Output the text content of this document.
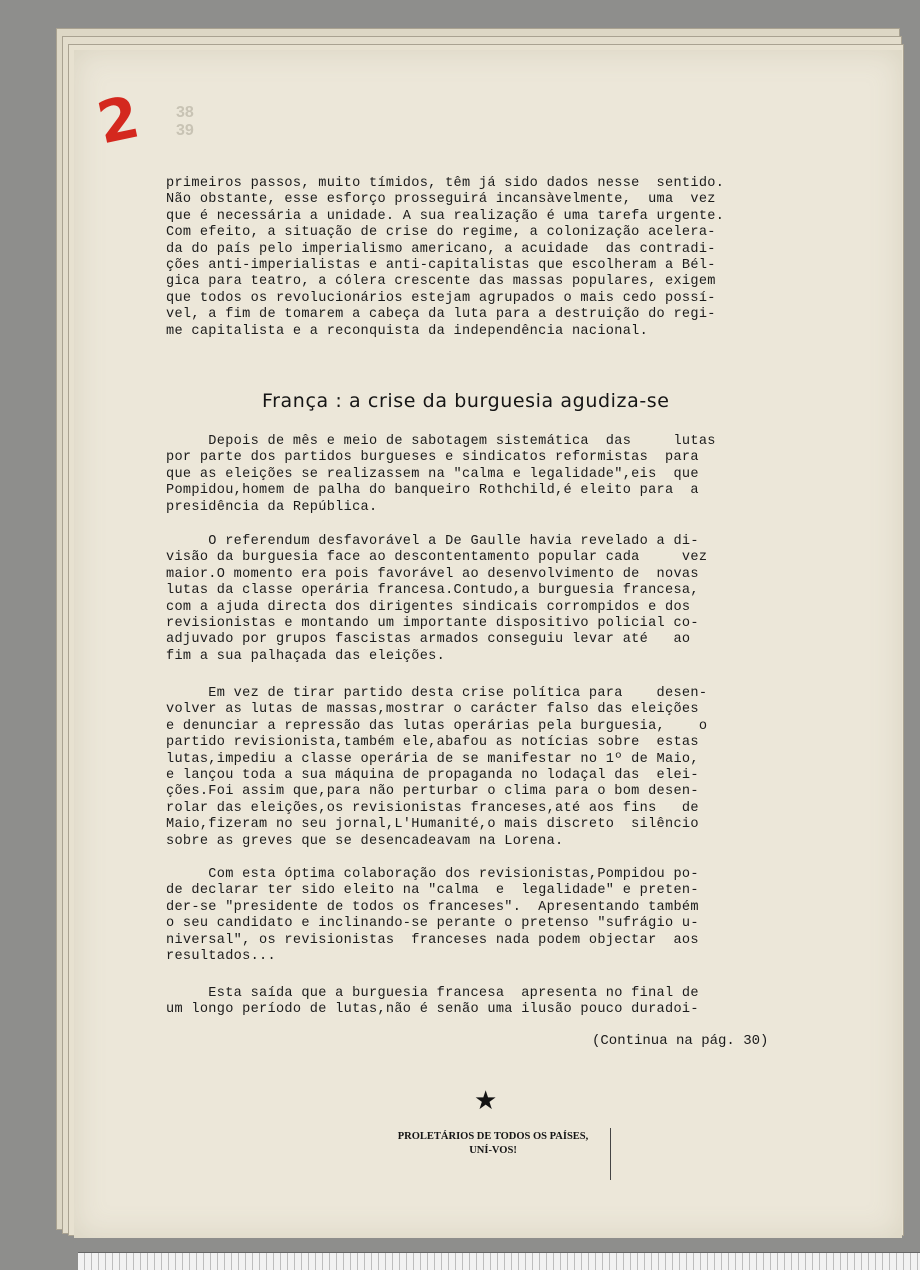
38
39
2
primeiros passos, muito tímidos, têm já sido dados nesse  sentido.
Não obstante, esse esforço prosseguirá incansàvelmente,  uma  vez
que é necessária a unidade. A sua realização é uma tarefa urgente.
Com efeito, a situação de crise do regime, a colonização acelera-
da do país pelo imperialismo americano, a acuidade  das contradi-
ções anti-imperialistas e anti-capitalistas que escolheram a Bél-
gica para teatro, a cólera crescente das massas populares, exigem
que todos os revolucionários estejam agrupados o mais cedo possí-
vel, a fim de tomarem a cabeça da luta para a destruição do regi-
me capitalista e a reconquista da independência nacional.
França : a crise da burguesia agudiza-se
Depois de mês e meio de sabotagem sistemática  das     lutas
por parte dos partidos burgueses e sindicatos reformistas  para
que as eleições se realizassem na "calma e legalidade",eis  que
Pompidou,homem de palha do banqueiro Rothchild,é eleito para  a
presidência da República.
O referendum desfavorável a De Gaulle havia revelado a di-
visão da burguesia face ao descontentamento popular cada     vez
maior.O momento era pois favorável ao desenvolvimento de  novas
lutas da classe operária francesa.Contudo,a burguesia francesa,
com a ajuda directa dos dirigentes sindicais corrompidos e dos
revisionistas e montando um importante dispositivo policial co-
adjuvado por grupos fascistas armados conseguiu levar até   ao
fim a sua palhaçada das eleições.
Em vez de tirar partido desta crise política para    desen-
volver as lutas de massas,mostrar o carácter falso das eleições
e denunciar a repressão das lutas operárias pela burguesia,    o
partido revisionista,também ele,abafou as notícias sobre  estas
lutas,impediu a classe operária de se manifestar no 1º de Maio,
e lançou toda a sua máquina de propaganda no lodaçal das  elei-
ções.Foi assim que,para não perturbar o clima para o bom desen-
rolar das eleições,os revisionistas franceses,até aos fins   de
Maio,fizeram no seu jornal,L'Humanité,o mais discreto  silêncio
sobre as greves que se desencadeavam na Lorena.
Com esta óptima colaboração dos revisionistas,Pompidou po-
de declarar ter sido eleito na "calma  e  legalidade" e preten-
der-se "presidente de todos os franceses".  Apresentando também
o seu candidato e inclinando-se perante o pretenso "sufrágio u-
niversal", os revisionistas  franceses nada podem objectar  aos
resultados...
Esta saída que a burguesia francesa  apresenta no final de
um longo período de lutas,não é senão uma ilusão pouco duradoi-
(Continua na pág. 30)
★
PROLETÁRIOS DE TODOS OS PAÍSES,
UNÍ-VOS!
